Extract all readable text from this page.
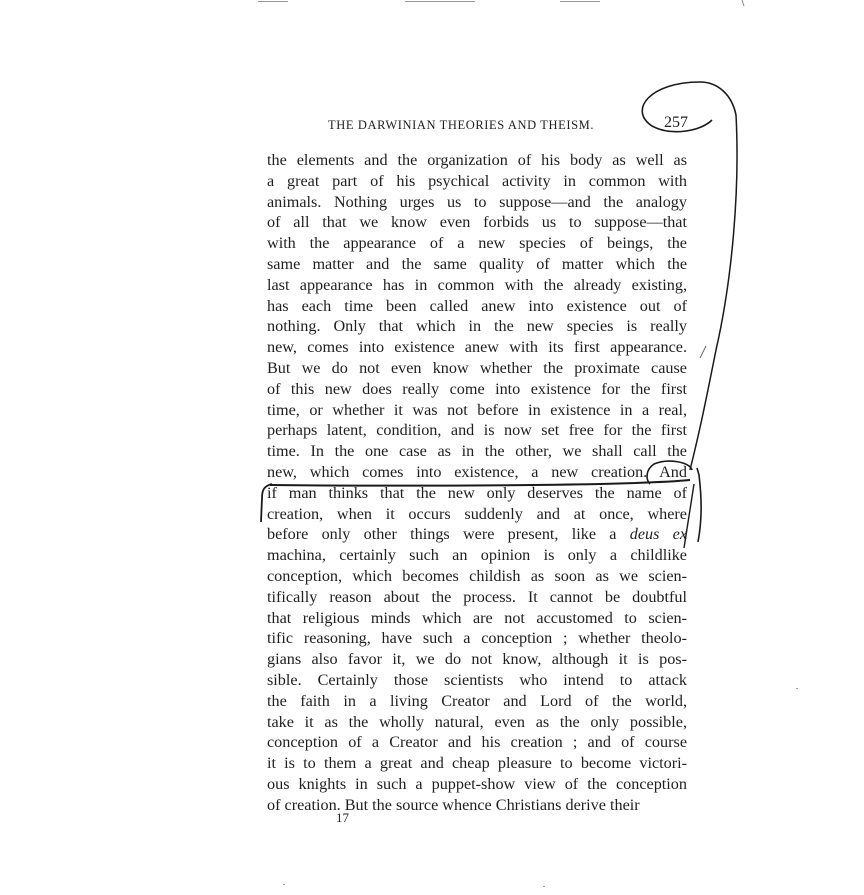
THE DARWINIAN THEORIES AND THEISM.	257
the elements and the organization of his body as well as
a great part of his psychical activity in common with
animals. Nothing urges us to suppose—and the analogy
of all that we know even forbids us to suppose—that
with the appearance of a new species of beings, the
same matter and the same quality of matter which the
last appearance has in common with the already existing,
has each time been called anew into existence out of
nothing. Only that which in the new species is really
new, comes into existence anew with its first appearance.
But we do not even know whether the proximate cause
of this new does really come into existence for the first
time, or whether it was not before in existence in a real,
perhaps latent, condition, and is now set free for the first
time. In the one case as in the other, we shall call the
new, which comes into existence, a new creation. And
if man thinks that the new only deserves the name of
creation, when it occurs suddenly and at once, where
before only other things were present, like a deus ex
machina, certainly such an opinion is only a childlike
conception, which becomes childish as soon as we scien-
tifically reason about the process. It cannot be doubtful
that religious minds which are not accustomed to scien-
tific reasoning, have such a conception ; whether theolo-
gians also favor it, we do not know, although it is pos-
sible. Certainly those scientists who intend to attack
the faith in a living Creator and Lord of the world,
take it as the wholly natural, even as the only possible,
conception of a Creator and his creation ; and of course
it is to them a great and cheap pleasure to become victori-
ous knights in such a puppet-show view of the conception
of creation. But the source whence Christians derive their
17
